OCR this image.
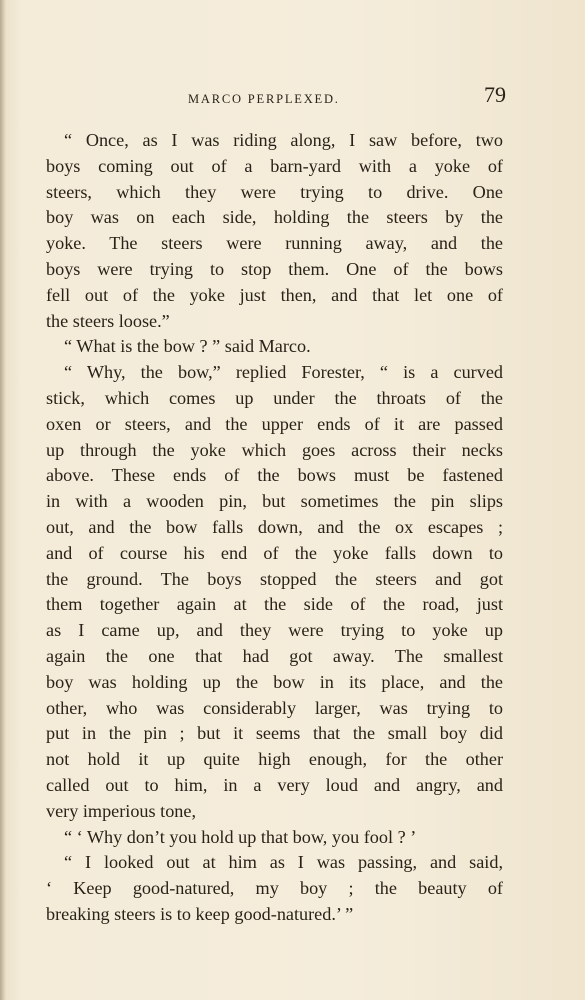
MARCO PERPLEXED.	79
“ Once, as I was riding along, I saw before, two
boys coming out of a barn-yard with a yoke of
steers, which they were trying to drive. One
boy was on each side, holding the steers by the
yoke. The steers were running away, and the
boys were trying to stop them. One of the bows
fell out of the yoke just then, and that let one of
the steers loose.”
“ What is the bow ? ” said Marco.
“ Why, the bow,” replied Forester, “ is a curved
stick, which comes up under the throats of the
oxen or steers, and the upper ends of it are passed
up through the yoke which goes across their necks
above. These ends of the bows must be fastened
in with a wooden pin, but sometimes the pin slips
out, and the bow falls down, and the ox escapes ;
and of course his end of the yoke falls down to
the ground. The boys stopped the steers and got
them together again at the side of the road, just
as I came up, and they were trying to yoke up
again the one that had got away. The smallest
boy was holding up the bow in its place, and the
other, who was considerably larger, was trying to
put in the pin ; but it seems that the small boy did
not hold it up quite high enough, for the other
called out to him, in a very loud and angry, and
very imperious tone,
“ ‘ Why don’t you hold up that bow, you fool ? ’
“ I looked out at him as I was passing, and said,
‘ Keep good-natured, my boy ; the beauty of
breaking steers is to keep good-natured.’ ”
